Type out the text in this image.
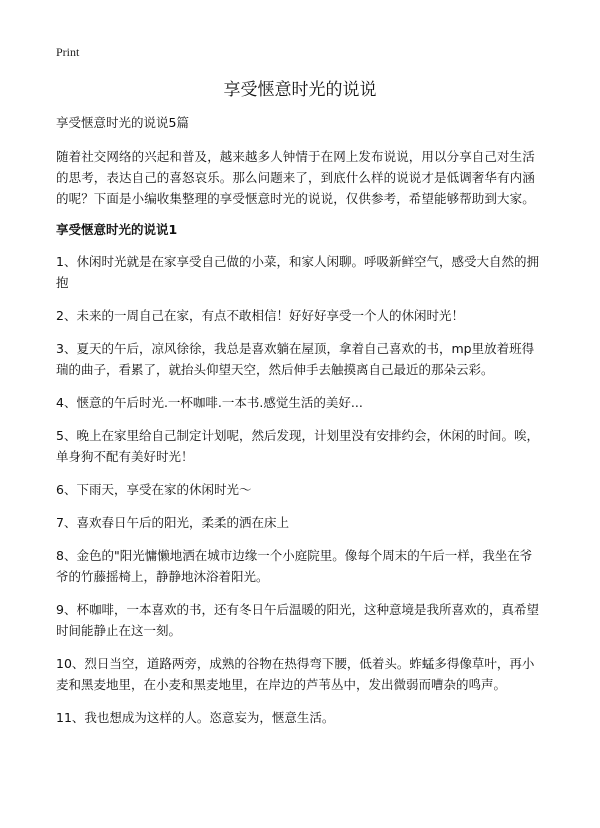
Print
享受惬意时光的说说

享受惬意时光的说说5篇

随着社交网络的兴起和普及，越来越多人钟情于在网上发布说说，用以分享自己对生活的思考，表达自己的喜怒哀乐。那么问题来了，到底什么样的说说才是低调奢华有内涵的呢？下面是小编收集整理的享受惬意时光的说说，仅供参考，希望能够帮助到大家。

享受惬意时光的说说1

1、休闲时光就是在家享受自己做的小菜，和家人闲聊。呼吸新鲜空气，感受大自然的拥抱
2、未来的一周自己在家，有点不敢相信！好好好享受一个人的休闲时光！
3、夏天的午后，凉风徐徐，我总是喜欢躺在屋顶，拿着自己喜欢的书，mp里放着班得瑞的曲子，看累了，就抬头仰望天空，然后伸手去触摸离自己最近的那朵云彩。
4、惬意的午后时光.一杯咖啡.一本书.感觉生活的美好...
5、晚上在家里给自己制定计划呢，然后发现，计划里没有安排约会，休闲的时间。唉，单身狗不配有美好时光！
6、下雨天，享受在家的休闲时光～
7、喜欢春日午后的阳光，柔柔的洒在床上
8、金色的"阳光慵懒地洒在城市边缘一个小庭院里。像每个周末的午后一样，我坐在爷爷的竹藤摇椅上，静静地沐浴着阳光。
9、杯咖啡，一本喜欢的书，还有冬日午后温暖的阳光，这种意境是我所喜欢的，真希望时间能静止在这一刻。
10、烈日当空，道路两旁，成熟的谷物在热得弯下腰，低着头。蚱蜢多得像草叶，再小麦和黑麦地里，在小麦和黑麦地里，在岸边的芦苇丛中，发出微弱而嘈杂的鸣声。
11、我也想成为这样的人。恣意妄为，惬意生活。
